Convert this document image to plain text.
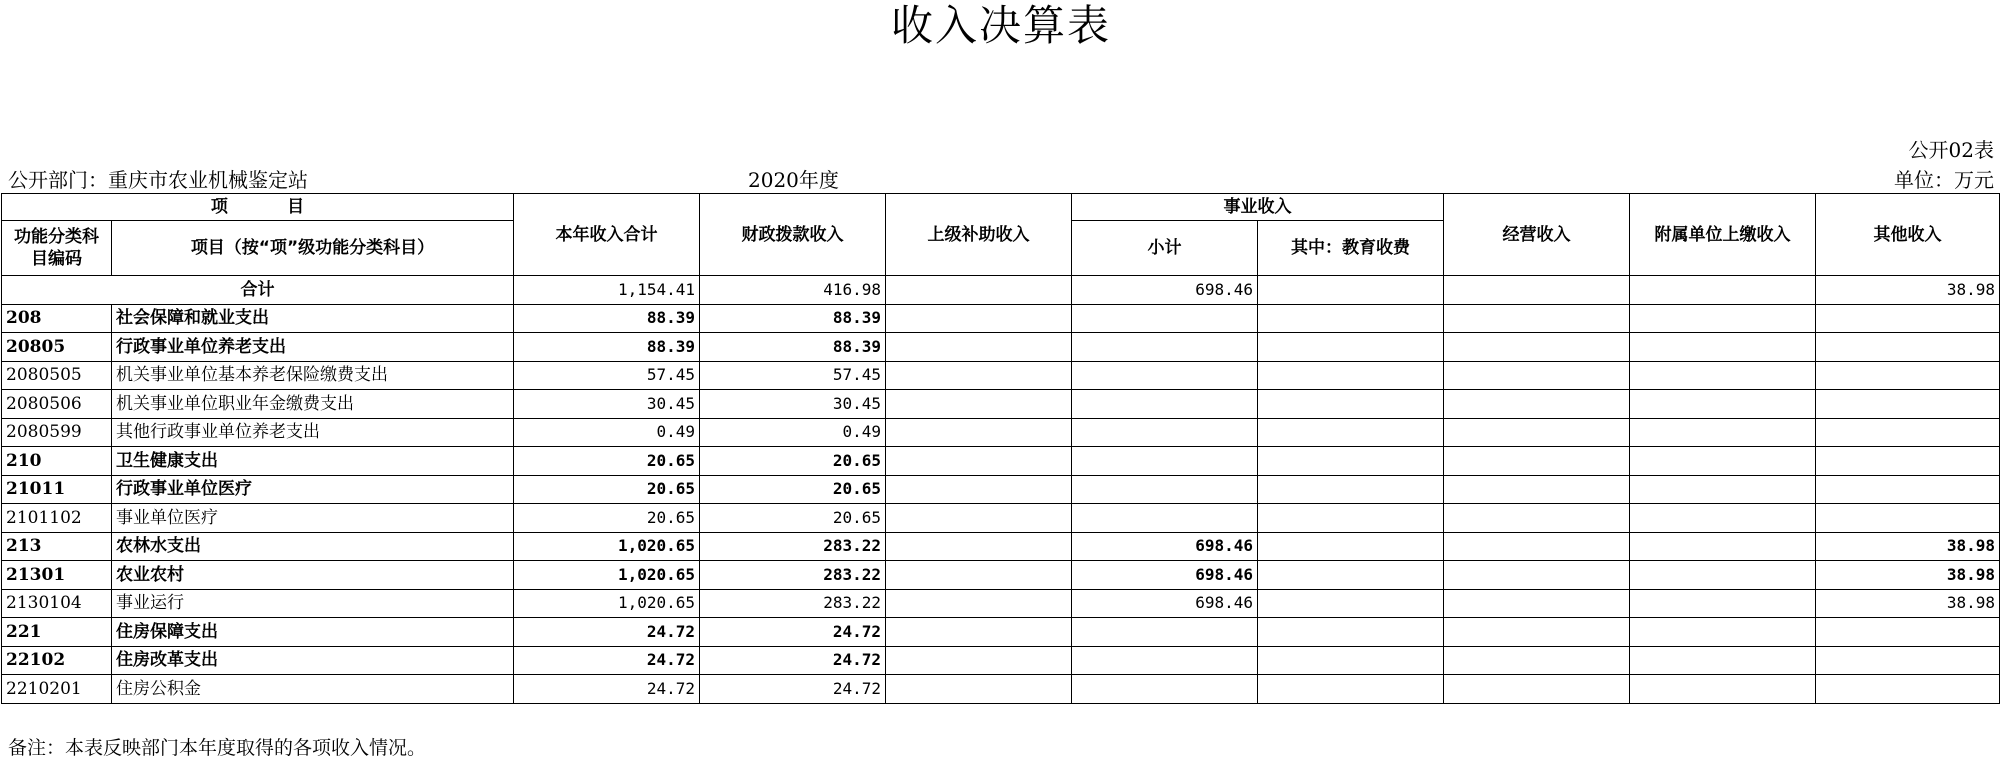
收入决算表
公开02表
公开部门：重庆市农业机械鉴定站	2020年度	单位：万元
项          目		本年收入合计	财政拨款收入	上级补助收入	事业收入		经营收入	附属单位上缴收入	其他收入
功能分类科目编码	项目（按“项”级功能分类科目）								
					小计	其中：教育收费			
合计		1,154.41	416.98		698.46				38.98
208	社会保障和就业支出	88.39	88.39						
20805	行政事业单位养老支出	88.39	88.39						
2080505	机关事业单位基本养老保险缴费支出	57.45	57.45						
2080506	机关事业单位职业年金缴费支出	30.45	30.45						
2080599	其他行政事业单位养老支出	0.49	0.49						
210	卫生健康支出	20.65	20.65						
21011	行政事业单位医疗	20.65	20.65						
2101102	事业单位医疗	20.65	20.65						
213	农林水支出	1,020.65	283.22		698.46				38.98
21301	农业农村	1,020.65	283.22		698.46				38.98
2130104	事业运行	1,020.65	283.22		698.46				38.98
221	住房保障支出	24.72	24.72						
22102	住房改革支出	24.72	24.72						
2210201	住房公积金	24.72	24.72						
备注：本表反映部门本年度取得的各项收入情况。
